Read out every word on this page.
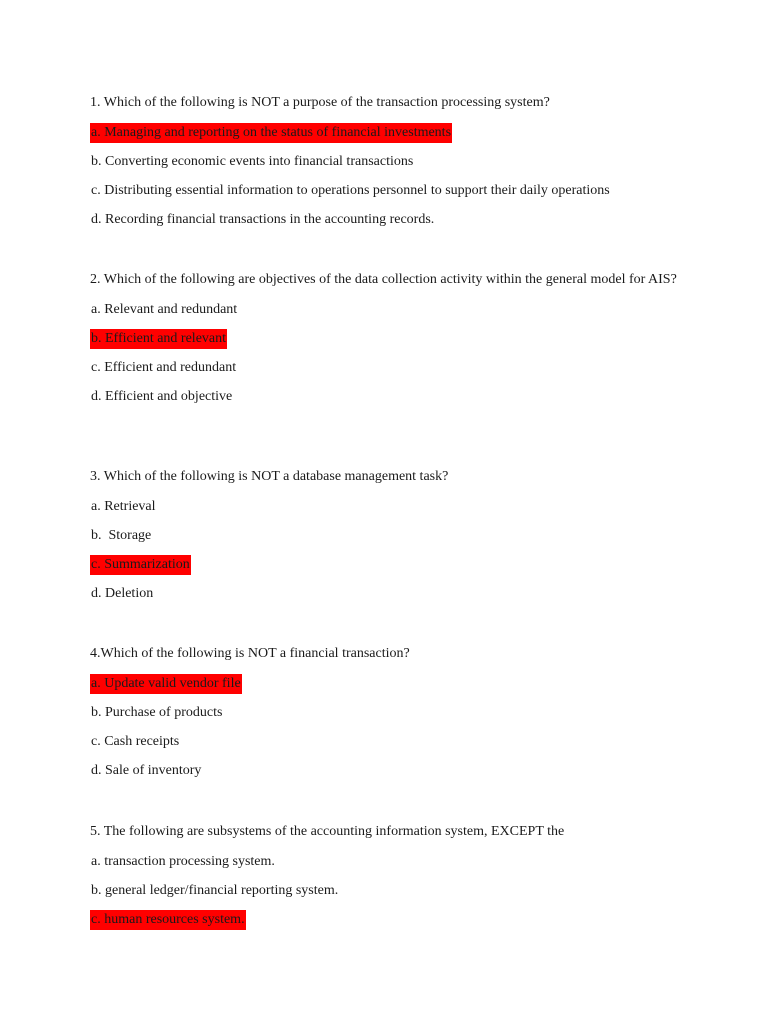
1. Which of the following is NOT a purpose of the transaction processing system?

a. Managing and reporting on the status of financial investments

b. Converting economic events into financial transactions

c. Distributing essential information to operations personnel to support their daily operations

d. Recording financial transactions in the accounting records.

2. Which of the following are objectives of the data collection activity within the general model for AIS?

a. Relevant and redundant

b. Efficient and relevant

c. Efficient and redundant

d. Efficient and objective

3. Which of the following is NOT a database management task?

a. Retrieval

b.  Storage

c. Summarization

d. Deletion

4.Which of the following is NOT a financial transaction?

a. Update valid vendor file

b. Purchase of products

c. Cash receipts

d. Sale of inventory

5. The following are subsystems of the accounting information system, EXCEPT the

a. transaction processing system.

b. general ledger/financial reporting system.

c. human resources system.
